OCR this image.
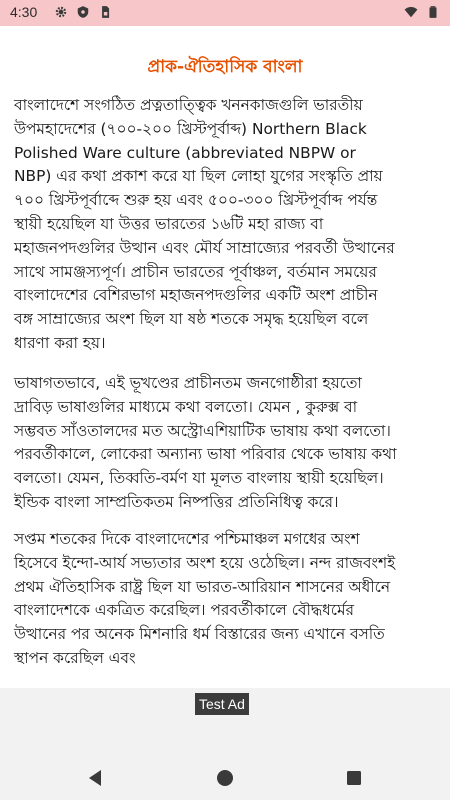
4:30
প্রাক-ঐতিহাসিক বাংলা

বাংলাদেশে সংগঠিত প্রত্নতাত্ত্বিক খননকাজগুলি ভারতীয় উপমহাদেশের (৭০০-২০০ খ্রিস্টপূর্বাব্দ) Northern Black Polished Ware culture (abbreviated NBPW or NBP) এর কথা প্রকাশ করে যা ছিল লোহা যুগের সংস্কৃতি প্রায় ৭০০ খ্রিস্টপূর্বাব্দে শুরু হয় এবং ৫০০-৩০০ খ্রিস্টপূর্বাব্দ পর্যন্ত স্থায়ী হয়েছিল যা উত্তর ভারতের ১৬টি মহা রাজ্য বা মহাজনপদগুলির উত্থান এবং মৌর্য সাম্রাজ্যের পরবর্তী উত্থানের সাথে সামঞ্জস্যপূর্ণ। প্রাচীন ভারতের পূর্বাঞ্চল, বর্তমান সময়ের বাংলাদেশের বেশিরভাগ মহাজনপদগুলির একটি অংশ প্রাচীন বঙ্গ সাম্রাজ্যের অংশ ছিল যা ষষ্ঠ শতকে সমৃদ্ধ হয়েছিল বলে ধারণা করা হয়।

ভাষাগতভাবে, এই ভূখণ্ডের প্রাচীনতম জনগোষ্ঠীরা হয়তো দ্রাবিড় ভাষাগুলির মাধ্যমে কথা বলতো। যেমন , কুরুক্স বা সম্ভবত সাঁওতালদের মত অস্ট্রোএশিয়াটিক ভাষায় কথা বলতো। পরবর্তীকালে, লোকেরা অন্যান্য ভাষা পরিবার থেকে ভাষায় কথা বলতো। যেমন, তিব্বতি-বর্মণ যা মূলত বাংলায় স্থায়ী হয়েছিল। ইন্ডিক বাংলা সাম্প্রতিকতম নিষ্পত্তির প্রতিনিধিত্ব করে।

সপ্তম শতকের দিকে বাংলাদেশের পশ্চিমাঞ্চল মগধের অংশ হিসেবে ইন্দো-আর্য সভ্যতার অংশ হয়ে ওঠেছিল। নন্দ রাজবংশই প্রথম ঐতিহাসিক রাষ্ট্র ছিল যা ভারত-আরিয়ান শাসনের অধীনে বাংলাদেশকে একত্রিত করেছিল। পরবর্তীকালে বৌদ্ধধর্মের উত্থানের পর অনেক মিশনারি ধর্ম বিস্তারের জন্য এখানে বসতি স্থাপন করেছিল এবং

Test Ad
